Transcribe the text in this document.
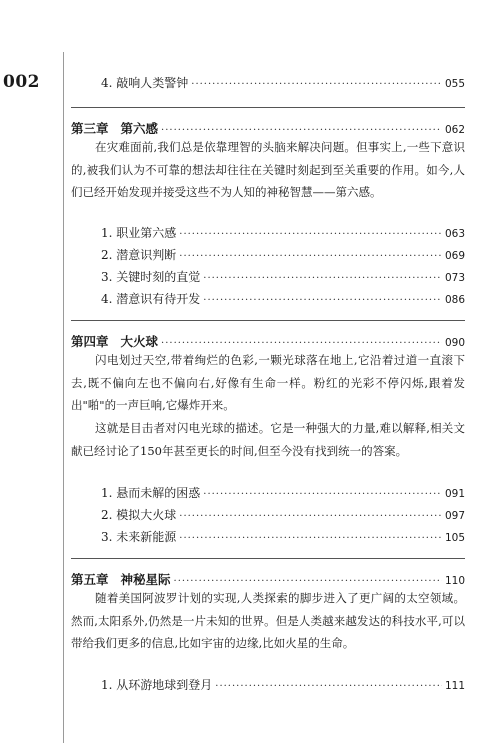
002	4. 敲响人类警钟 ·····	055
第三章 第六感 ·····	062

在灾难面前,我们总是依靠理智的头脑来解决问题。但事实上,一些下意识的,被我们认为不可靠的想法却往往在关键时刻起到至关重要的作用。如今,人们已经开始发现并接受这些不为人知的神秘智慧——第六感。

1. 职业第六感 ·····	063
2. 潜意识判断 ·····	069
3. 关键时刻的直觉 ·····	073
4. 潜意识有待开发 ·····	086
第四章 大火球 ·····	090

闪电划过天空,带着绚烂的色彩,一颗光球落在地上,它沿着过道一直滚下去,既不偏向左也不偏向右,好像有生命一样。粉红的光彩不停闪烁,跟着发出"啪"的一声巨响,它爆炸开来。

这就是目击者对闪电光球的描述。它是一种强大的力量,难以解释,相关文献已经讨论了150年甚至更长的时间,但至今没有找到统一的答案。

1. 悬而未解的困惑 ·····	091
2. 模拟大火球 ·····	097
3. 未来新能源 ·····	105
第五章 神秘星际 ·····	110

随着美国阿波罗计划的实现,人类探索的脚步进入了更广阔的太空领域。然而,太阳系外,仍然是一片未知的世界。但是人类越来越发达的科技水平,可以带给我们更多的信息,比如宇宙的边缘,比如火星的生命。

1. 从环游地球到登月 ·····	111
